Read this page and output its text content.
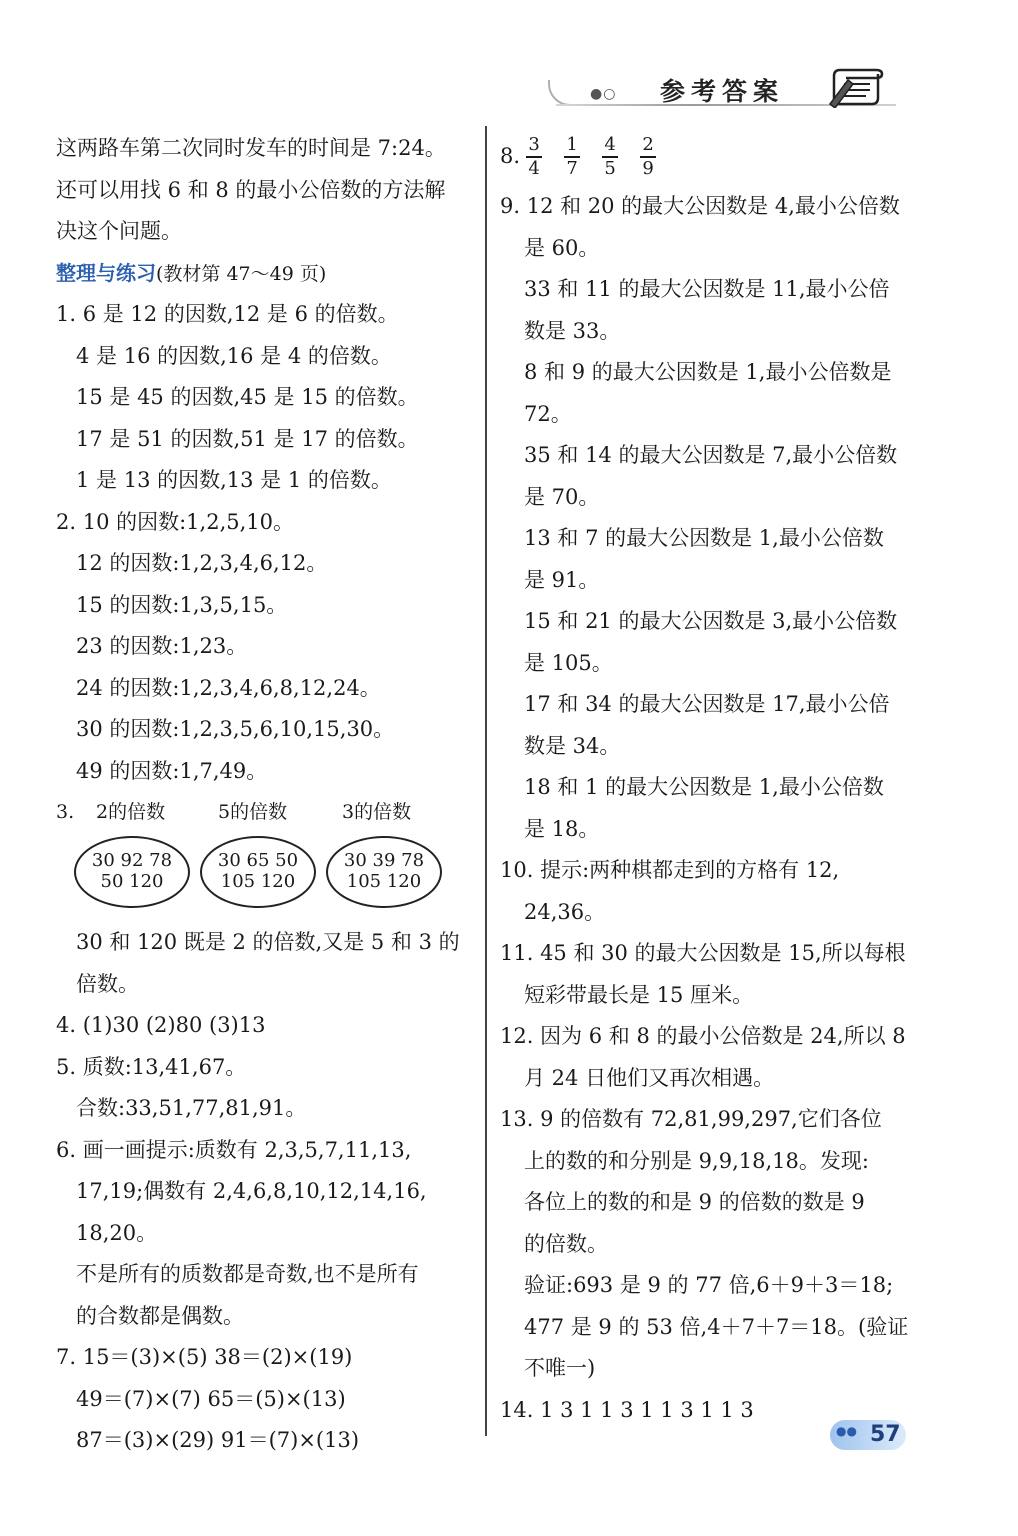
●○ 参考答案
这两路车第二次同时发车的时间是 7:24。
还可以用找 6 和 8 的最小公倍数的方法解
决这个问题。
整理与练习(教材第 47～49 页)
1. 6 是 12 的因数,12 是 6 的倍数。
4 是 16 的因数,16 是 4 的倍数。
15 是 45 的因数,45 是 15 的倍数。
17 是 51 的因数,51 是 17 的倍数。
1 是 13 的因数,13 是 1 的倍数。
2. 10 的因数:1,2,5,10。
12 的因数:1,2,3,4,6,12。
15 的因数:1,3,5,15。
23 的因数:1,23。
24 的因数:1,2,3,4,6,8,12,24。
30 的因数:1,2,3,5,6,10,15,30。
49 的因数:1,7,49。
3. 2的倍数	5的倍数	3的倍数
30 92 78
50 120
30 65 50
105 120
30 39 78
105 120
30 和 120 既是 2 的倍数,又是 5 和 3 的
倍数。
4. (1)30 (2)80 (3)13
5. 质数:13,41,67。
合数:33,51,77,81,91。
6. 画一画提示:质数有 2,3,5,7,11,13,
17,19;偶数有 2,4,6,8,10,12,14,16,
18,20。
不是所有的质数都是奇数,也不是所有
的合数都是偶数。
7. 15＝(3)×(5) 38＝(2)×(19)
49＝(7)×(7) 65＝(5)×(13)
87＝(3)×(29) 91＝(7)×(13)
8. $\frac{3}{4} \frac{1}{7} \frac{4}{5} \frac{2}{9}$
9. 12 和 20 的最大公因数是 4,最小公倍数
是 60。
33 和 11 的最大公因数是 11,最小公倍
数是 33。
8 和 9 的最大公因数是 1,最小公倍数是
72。
35 和 14 的最大公因数是 7,最小公倍数
是 70。
13 和 7 的最大公因数是 1,最小公倍数
是 91。
15 和 21 的最大公因数是 3,最小公倍数
是 105。
17 和 34 的最大公因数是 17,最小公倍
数是 34。
18 和 1 的最大公因数是 1,最小公倍数
是 18。
10. 提示:两种棋都走到的方格有 12,
24,36。
11. 45 和 30 的最大公因数是 15,所以每根
短彩带最长是 15 厘米。
12. 因为 6 和 8 的最小公倍数是 24,所以 8
月 24 日他们又再次相遇。
13. 9 的倍数有 72,81,99,297,它们各位
上的数的和分别是 9,9,18,18。发现:
各位上的数的和是 9 的倍数的数是 9
的倍数。
验证:693 是 9 的 77 倍,6＋9＋3＝18;
477 是 9 的 53 倍,4＋7＋7＝18。(验证
不唯一)
14. 1 3 1 1 3 1 1 3 1 1 3
●● 57
